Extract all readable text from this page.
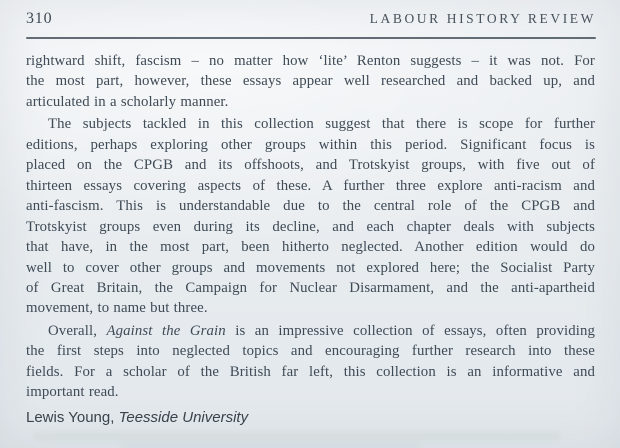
310	LABOUR HISTORY REVIEW
rightward shift, fascism – no matter how ‘lite’ Renton suggests – it was not. For
the most part, however, these essays appear well researched and backed up, and
articulated in a scholarly manner.
The subjects tackled in this collection suggest that there is scope for further
editions, perhaps exploring other groups within this period. Significant focus is
placed on the CPGB and its offshoots, and Trotskyist groups, with five out of
thirteen essays covering aspects of these. A further three explore anti-racism and
anti-fascism. This is understandable due to the central role of the CPGB and
Trotskyist groups even during its decline, and each chapter deals with subjects
that have, in the most part, been hitherto neglected. Another edition would do
well to cover other groups and movements not explored here; the Socialist Party
of Great Britain, the Campaign for Nuclear Disarmament, and the anti-apartheid
movement, to name but three.
Overall, Against the Grain is an impressive collection of essays, often providing
the first steps into neglected topics and encouraging further research into these
fields. For a scholar of the British far left, this collection is an informative and
important read.
Lewis Young, Teesside University
